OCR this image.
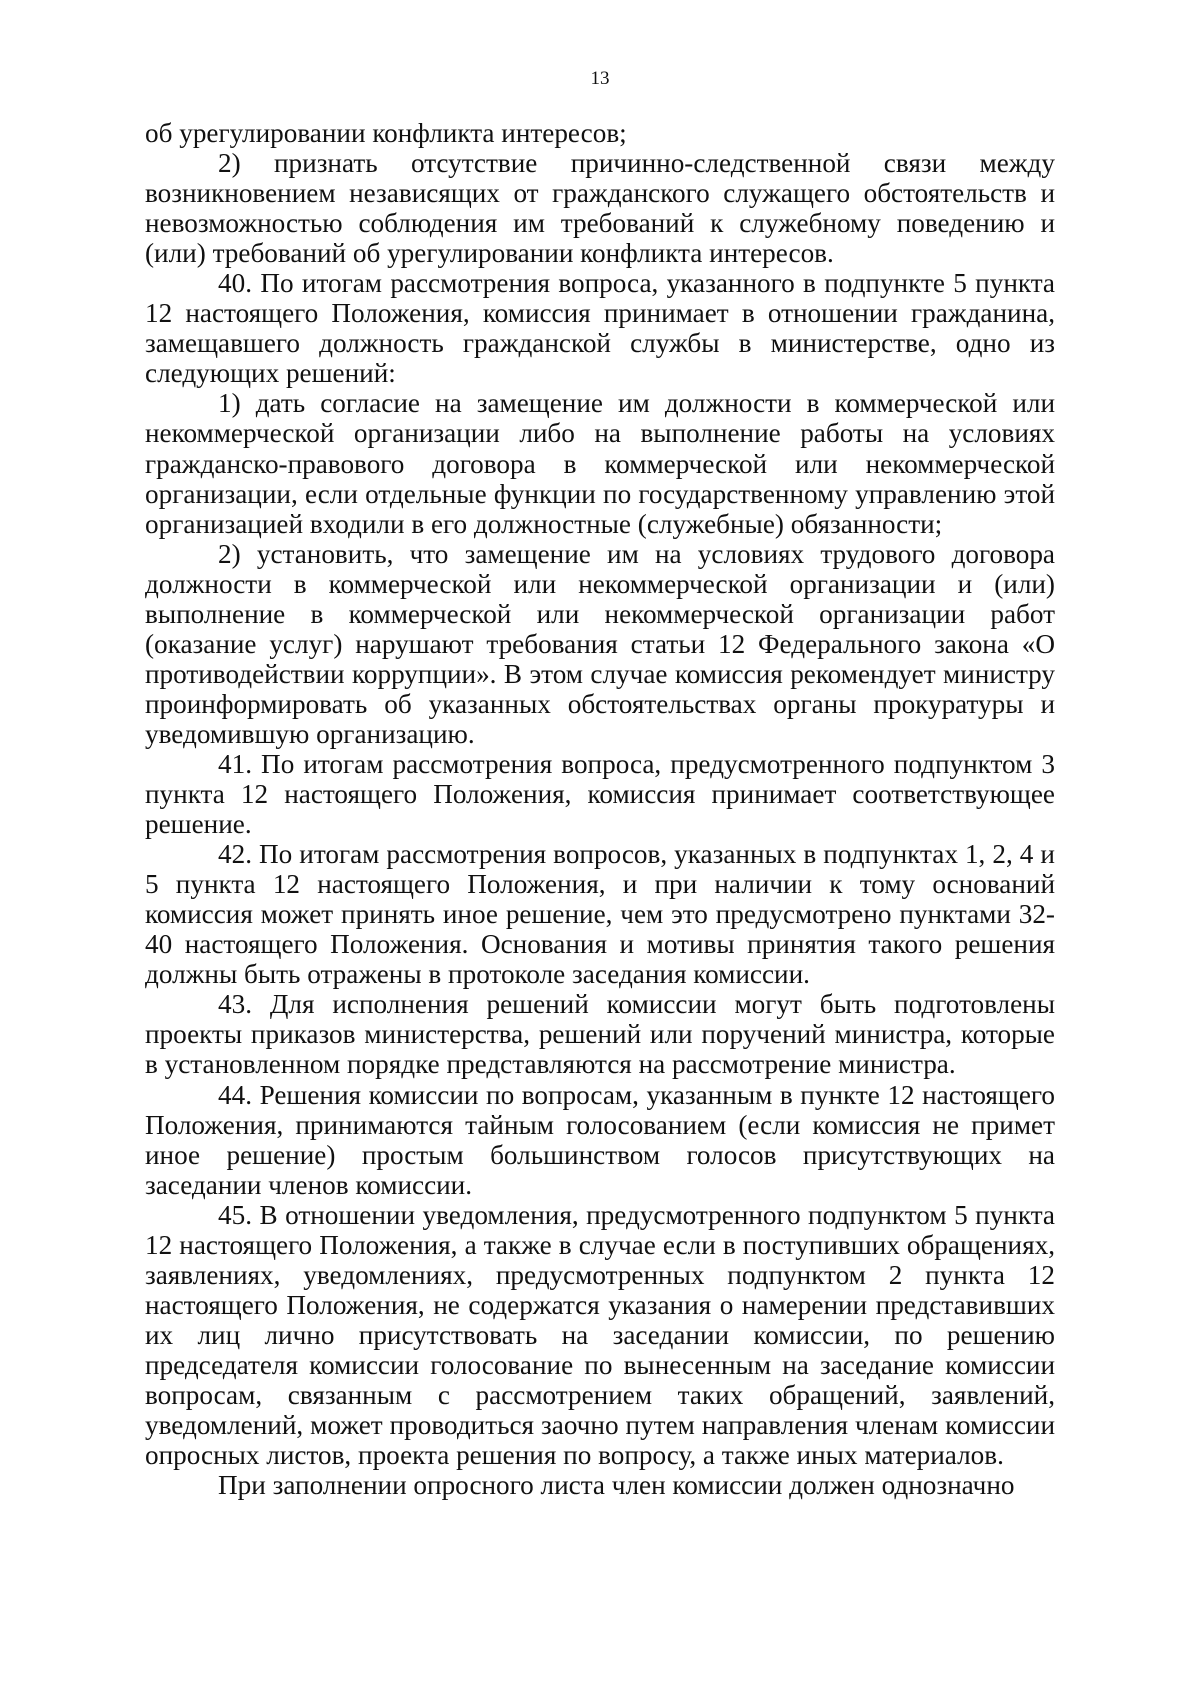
13

об урегулировании конфликта интересов;

2) признать отсутствие причинно-следственной связи между возникновением независящих от гражданского служащего обстоятельств и невозможностью соблюдения им требований к служебному поведению и (или) требований об урегулировании конфликта интересов.

40. По итогам рассмотрения вопроса, указанного в подпункте 5 пункта 12 настоящего Положения, комиссия принимает в отношении гражданина, замещавшего должность гражданской службы в министерстве, одно из следующих решений:

1) дать согласие на замещение им должности в коммерческой или некоммерческой организации либо на выполнение работы на условиях гражданско-правового договора в коммерческой или некоммерческой организации, если отдельные функции по государственному управлению этой организацией входили в его должностные (служебные) обязанности;

2) установить, что замещение им на условиях трудового договора должности в коммерческой или некоммерческой организации и (или) выполнение в коммерческой или некоммерческой организации работ (оказание услуг) нарушают требования статьи 12 Федерального закона «О противодействии коррупции». В этом случае комиссия рекомендует министру проинформировать об указанных обстоятельствах органы прокуратуры и уведомившую организацию.

41. По итогам рассмотрения вопроса, предусмотренного подпунктом 3 пункта 12 настоящего Положения, комиссия принимает соответствующее решение.

42. По итогам рассмотрения вопросов, указанных в подпунктах 1, 2, 4 и 5 пункта 12 настоящего Положения, и при наличии к тому оснований комиссия может принять иное решение, чем это предусмотрено пунктами 32-40 настоящего Положения. Основания и мотивы принятия такого решения должны быть отражены в протоколе заседания комиссии.

43. Для исполнения решений комиссии могут быть подготовлены проекты приказов министерства, решений или поручений министра, которые в установленном порядке представляются на рассмотрение министра.

44. Решения комиссии по вопросам, указанным в пункте 12 настоящего Положения, принимаются тайным голосованием (если комиссия не примет иное решение) простым большинством голосов присутствующих на заседании членов комиссии.

45. В отношении уведомления, предусмотренного подпунктом 5 пункта 12 настоящего Положения, а также в случае если в поступивших обращениях, заявлениях, уведомлениях, предусмотренных подпунктом 2 пункта 12 настоящего Положения, не содержатся указания о намерении представивших их лиц лично присутствовать на заседании комиссии, по решению председателя комиссии голосование по вынесенным на заседание комиссии вопросам, связанным с рассмотрением таких обращений, заявлений, уведомлений, может проводиться заочно путем направления членам комиссии опросных листов, проекта решения по вопросу, а также иных материалов.

При заполнении опросного листа член комиссии должен однозначно
